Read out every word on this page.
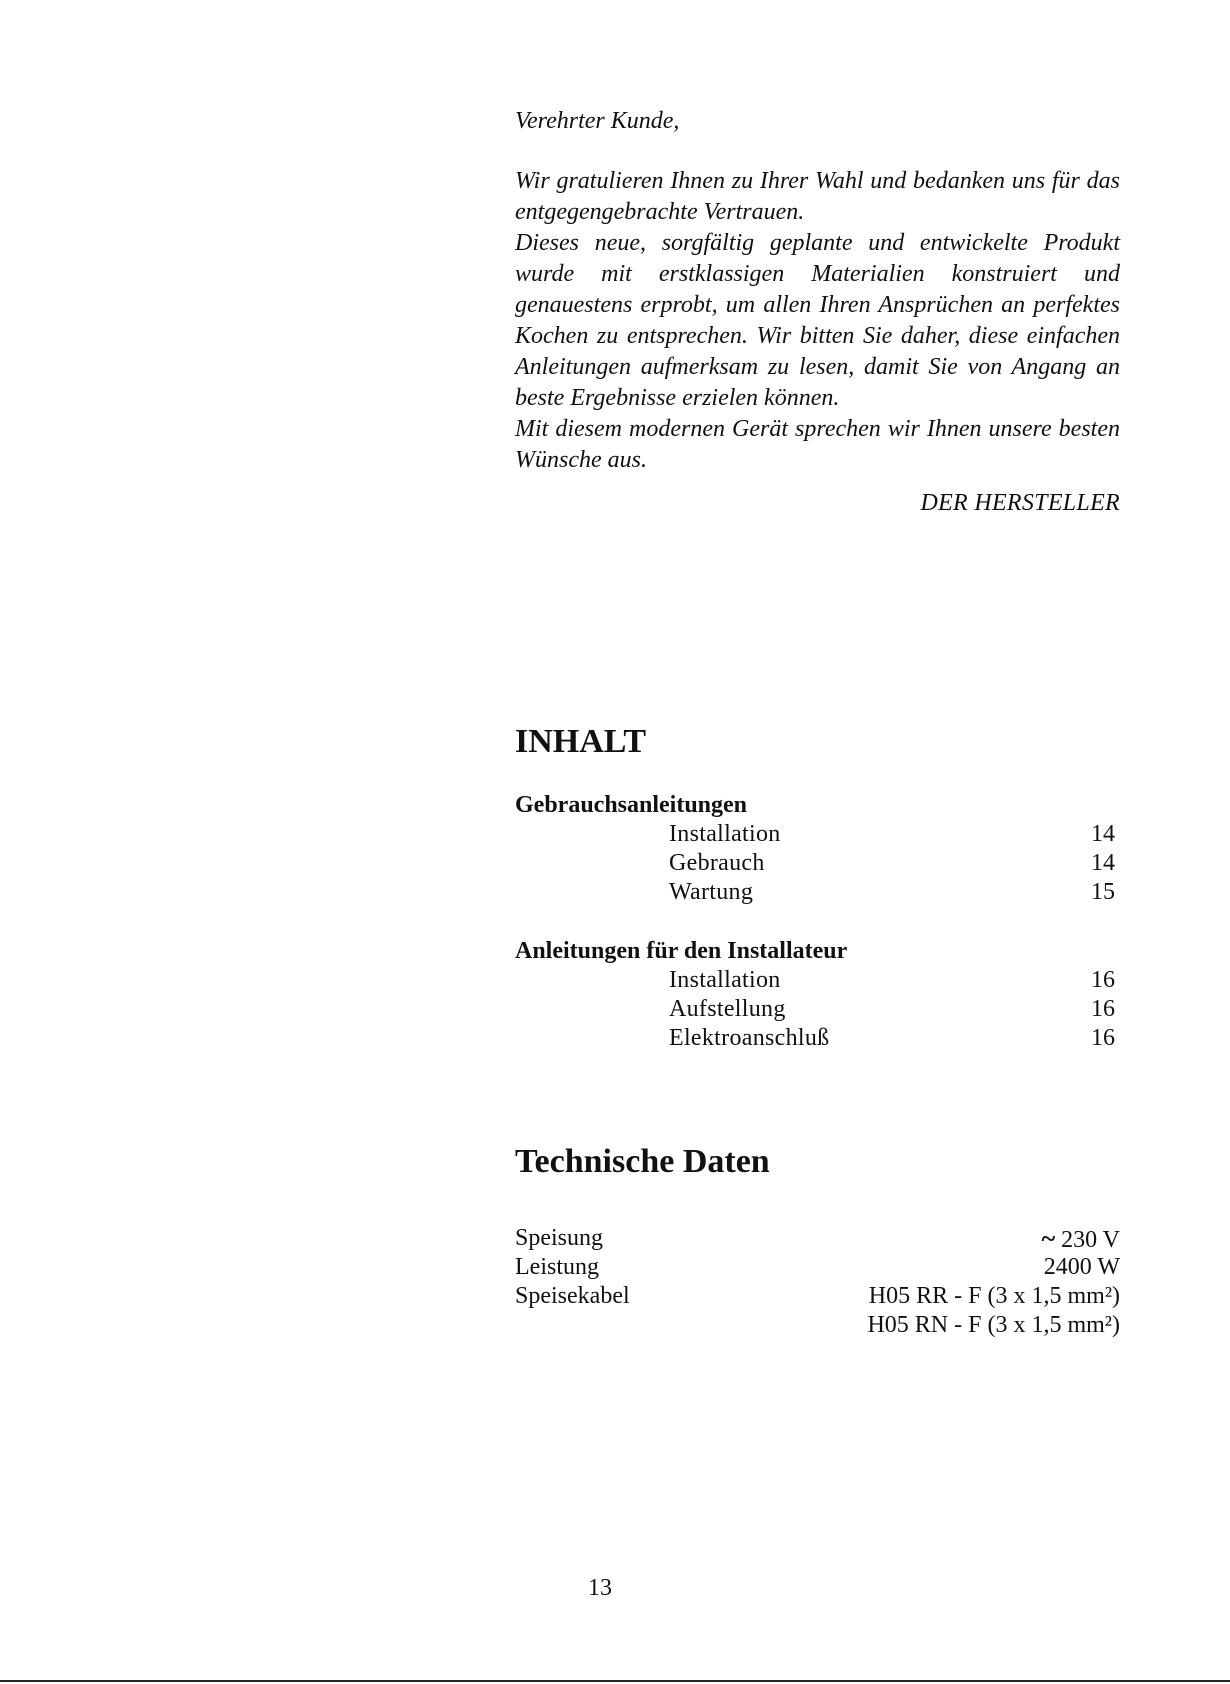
Verehrter Kunde,

Wir gratulieren Ihnen zu Ihrer Wahl und bedanken uns für das entgegengebrachte Vertrauen.

Dieses neue, sorgfältig geplante und entwickelte Produkt wurde mit erstklassigen Materialien konstruiert und genauestens erprobt, um allen Ihren Ansprüchen an perfektes Kochen zu entsprechen. Wir bitten Sie daher, diese einfachen Anleitungen aufmerksam zu lesen, damit Sie von Angang an beste Ergebnisse erzielen können.

Mit diesem modernen Gerät sprechen wir Ihnen unsere besten Wünsche aus.

DER HERSTELLER
INHALT
Gebrauchsanleitungen
Installation	14
Gebrauch	14
Wartung	15
Anleitungen für den Installateur
Installation	16
Aufstellung	16
Elektroanschluß	16
Technische Daten
Speisung	~ 230 V
Leistung	2400 W
Speisekabel	H05 RR - F (3 x 1,5 mm²)
H05 RN - F (3 x 1,5 mm²)
13
